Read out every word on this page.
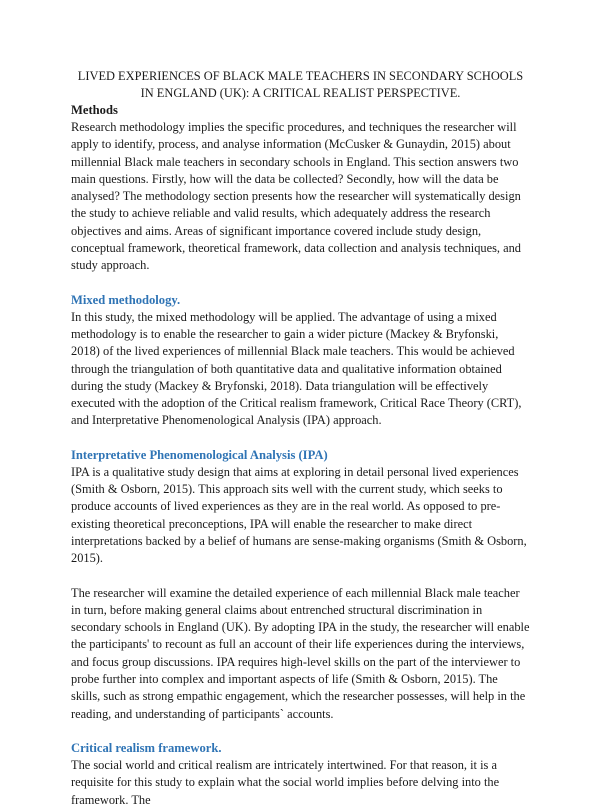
LIVED EXPERIENCES OF BLACK MALE TEACHERS IN SECONDARY SCHOOLS IN ENGLAND (UK): A CRITICAL REALIST PERSPECTIVE.
Methods

Research methodology implies the specific procedures, and techniques the researcher will apply to identify, process, and analyse information (McCusker & Gunaydin, 2015) about millennial Black male teachers in secondary schools in England. This section answers two main questions. Firstly, how will the data be collected? Secondly, how will the data be analysed? The methodology section presents how the researcher will systematically design the study to achieve reliable and valid results, which adequately address the research objectives and aims. Areas of significant importance covered include study design, conceptual framework, theoretical framework, data collection and analysis techniques, and study approach.

Mixed methodology.

In this study, the mixed methodology will be applied. The advantage of using a mixed methodology is to enable the researcher to gain a wider picture (Mackey & Bryfonski, 2018) of the lived experiences of millennial Black male teachers. This would be achieved through the triangulation of both quantitative data and qualitative information obtained during the study (Mackey & Bryfonski, 2018). Data triangulation will be effectively executed with the adoption of the Critical realism framework, Critical Race Theory (CRT), and Interpretative Phenomenological Analysis (IPA) approach.

Interpretative Phenomenological Analysis (IPA)

IPA is a qualitative study design that aims at exploring in detail personal lived experiences (Smith & Osborn, 2015). This approach sits well with the current study, which seeks to produce accounts of lived experiences as they are in the real world. As opposed to pre-existing theoretical preconceptions, IPA will enable the researcher to make direct interpretations backed by a belief of humans are sense-making organisms (Smith & Osborn, 2015).

The researcher will examine the detailed experience of each millennial Black male teacher in turn, before making general claims about entrenched structural discrimination in secondary schools in England (UK). By adopting IPA in the study, the researcher will enable the participants' to recount as full an account of their life experiences during the interviews, and focus group discussions. IPA requires high-level skills on the part of the interviewer to probe further into complex and important aspects of life (Smith & Osborn, 2015). The skills, such as strong empathic engagement, which the researcher possesses, will help in the reading, and understanding of participants` accounts.

Critical realism framework.

The social world and critical realism are intricately intertwined. For that reason, it is a requisite for this study to explain what the social world implies before delving into the framework. The
